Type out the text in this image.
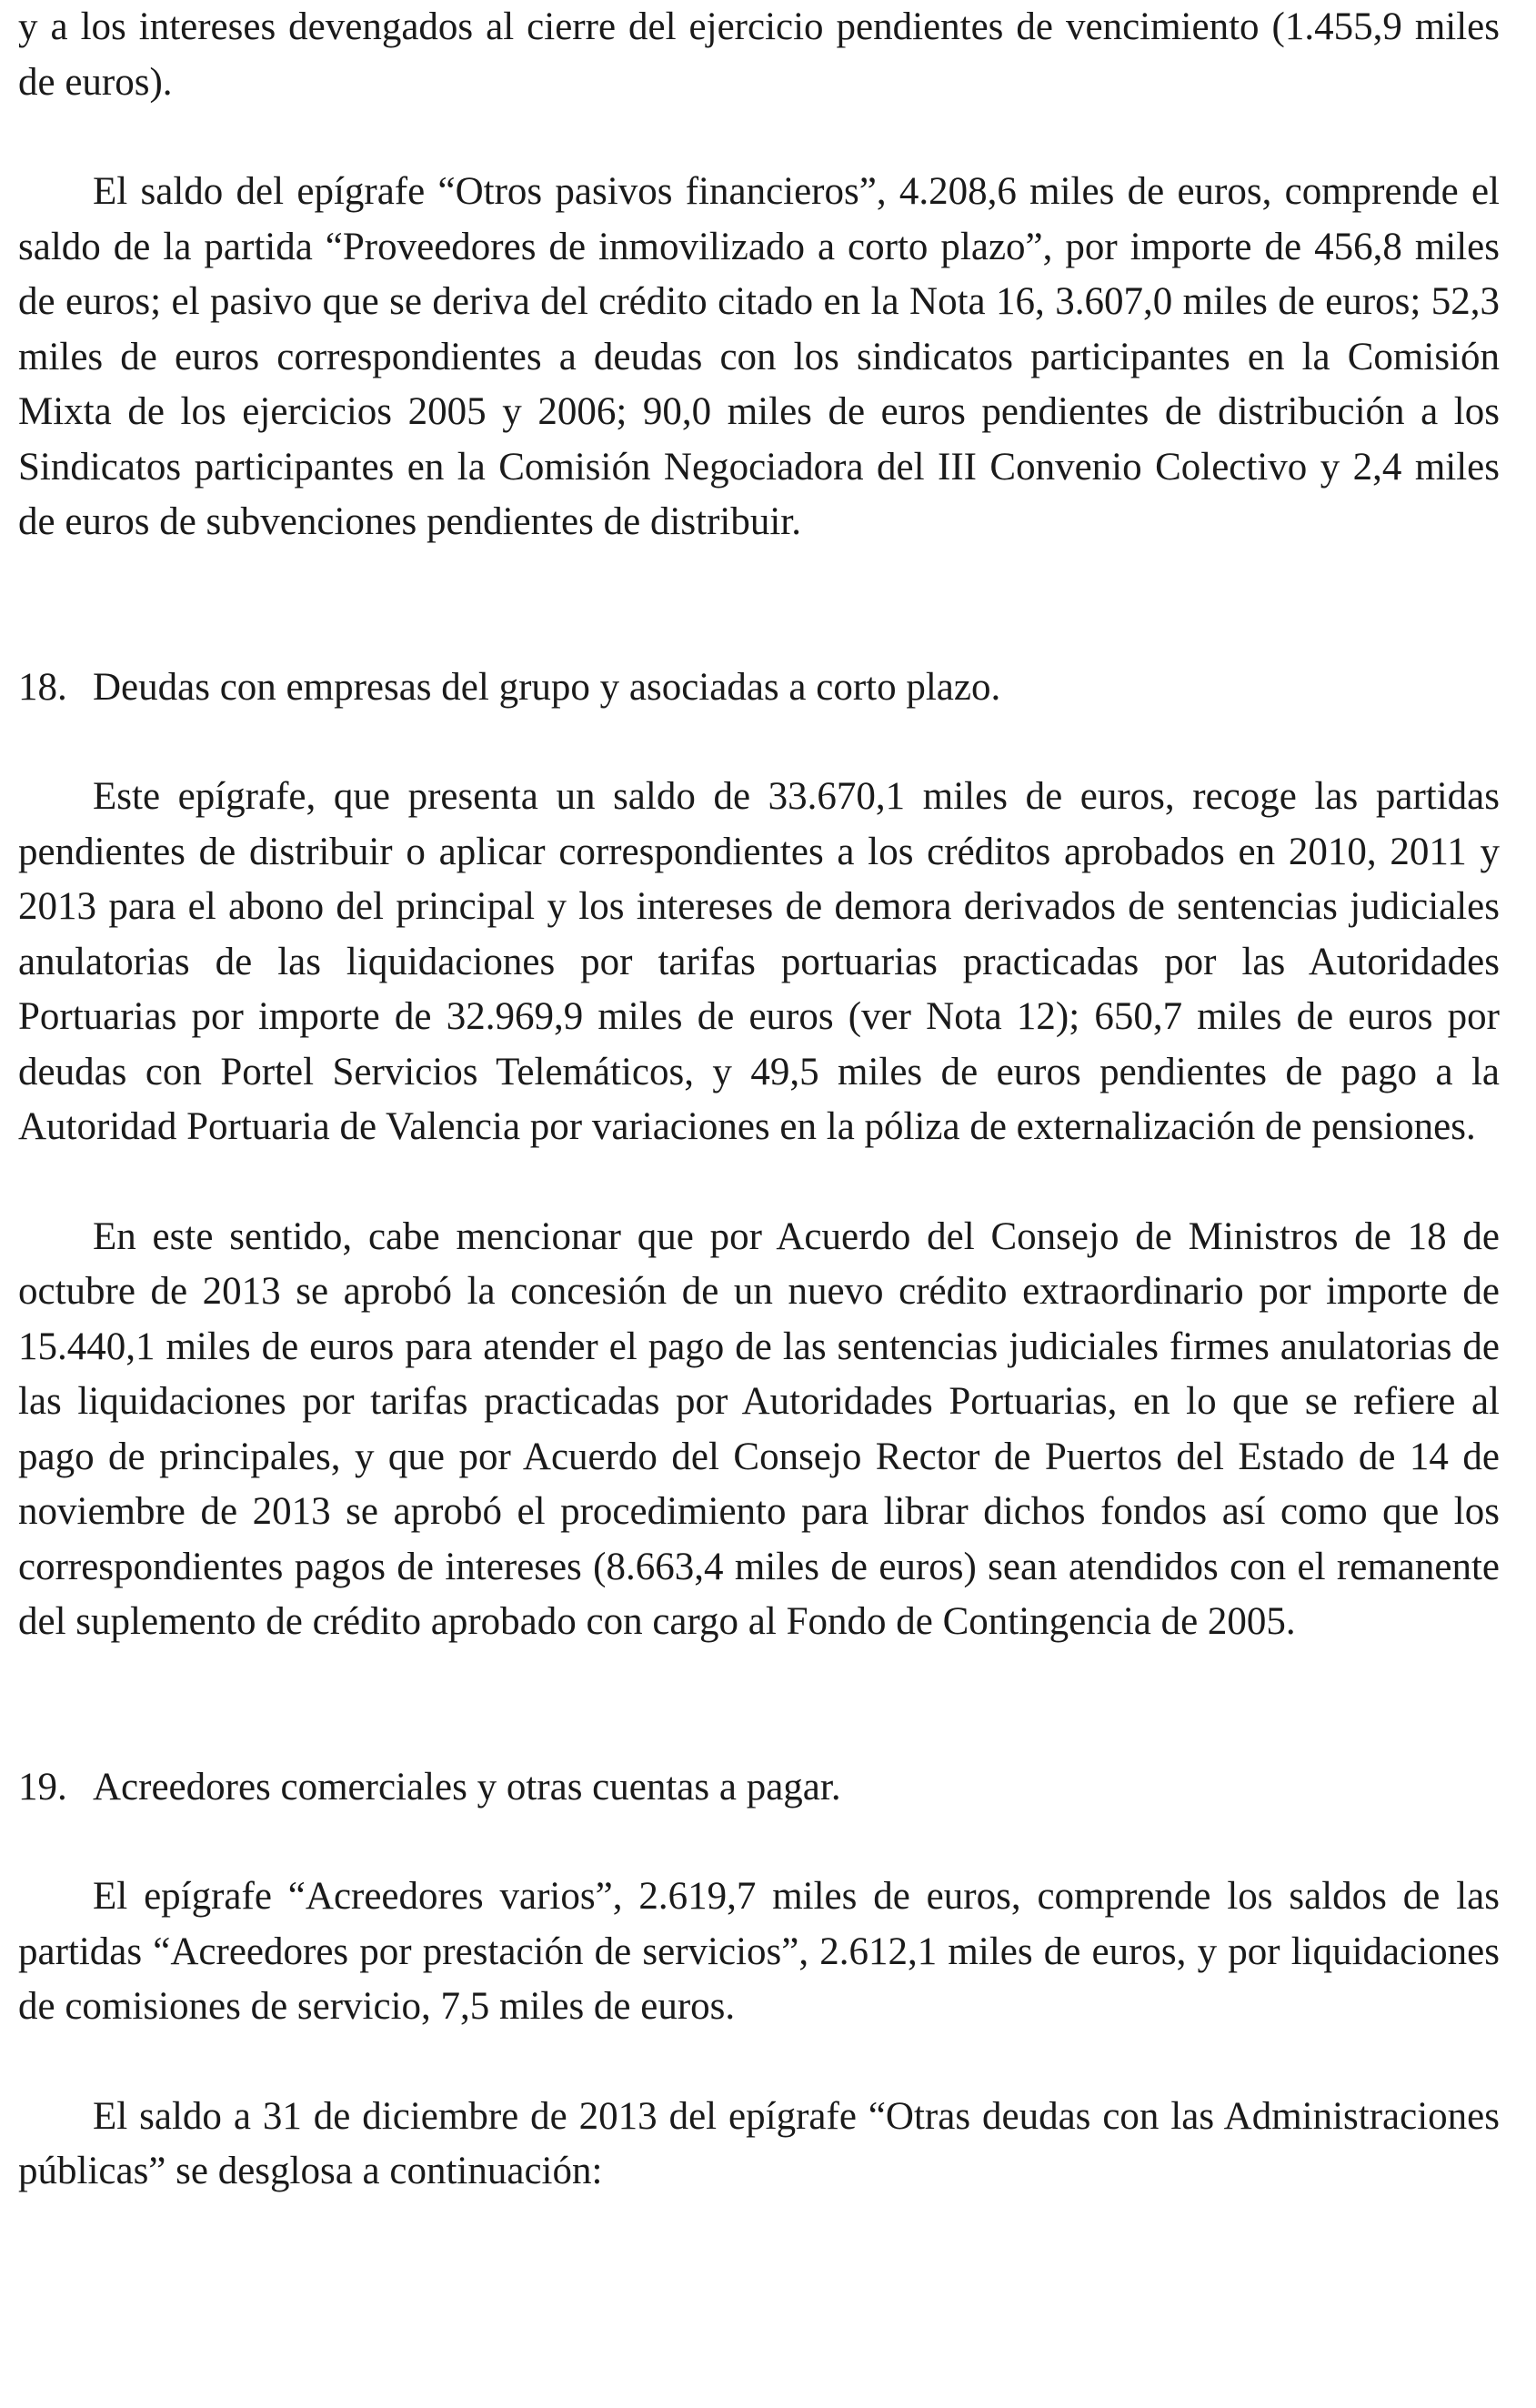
y a los intereses devengados al cierre del ejercicio pendientes de vencimiento (1.455,9 miles de euros).

El saldo del epígrafe “Otros pasivos financieros”, 4.208,6 miles de euros, comprende el saldo de la partida “Proveedores de inmovilizado a corto plazo”, por importe de 456,8 miles de euros; el pasivo que se deriva del crédito citado en la Nota 16, 3.607,0 miles de euros; 52,3 miles de euros correspondientes a deudas con los sindicatos participantes en la Comisión Mixta de los ejercicios 2005 y 2006; 90,0 miles de euros pendientes de distribución a los Sindicatos participantes en la Comisión Negociadora del III Convenio Colectivo y 2,4 miles de euros de subvenciones pendientes de distribuir.

18. Deudas con empresas del grupo y asociadas a corto plazo.

Este epígrafe, que presenta un saldo de 33.670,1 miles de euros, recoge las partidas pendientes de distribuir o aplicar correspondientes a los créditos aprobados en 2010, 2011 y 2013 para el abono del principal y los intereses de demora derivados de sentencias judiciales anulatorias de las liquidaciones por tarifas portuarias practicadas por las Autoridades Portuarias por importe de 32.969,9 miles de euros (ver Nota 12); 650,7 miles de euros por deudas con Portel Servicios Telemáticos, y 49,5 miles de euros pendientes de pago a la Autoridad Portuaria de Valencia por variaciones en la póliza de externalización de pensiones.

En este sentido, cabe mencionar que por Acuerdo del Consejo de Ministros de 18 de octubre de 2013 se aprobó la concesión de un nuevo crédito extraordinario por importe de 15.440,1 miles de euros para atender el pago de las sentencias judiciales firmes anulatorias de las liquidaciones por tarifas practicadas por Autoridades Portuarias, en lo que se refiere al pago de principales, y que por Acuerdo del Consejo Rector de Puertos del Estado de 14 de noviembre de 2013 se aprobó el procedimiento para librar dichos fondos así como que los correspondientes pagos de intereses (8.663,4 miles de euros) sean atendidos con el remanente del suplemento de crédito aprobado con cargo al Fondo de Contingencia de 2005.

19. Acreedores comerciales y otras cuentas a pagar.

El epígrafe “Acreedores varios”, 2.619,7 miles de euros, comprende los saldos de las partidas “Acreedores por prestación de servicios”, 2.612,1 miles de euros, y por liquidaciones de comisiones de servicio, 7,5 miles de euros.

El saldo a 31 de diciembre de 2013 del epígrafe “Otras deudas con las Administraciones públicas” se desglosa a continuación:
